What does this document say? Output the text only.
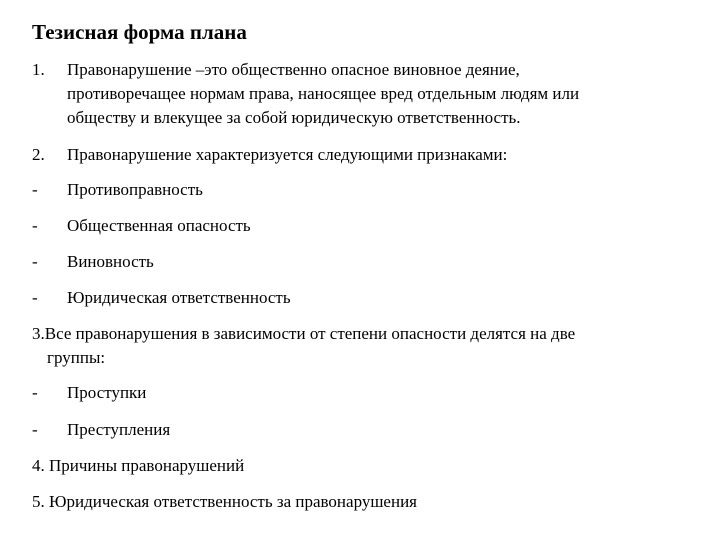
Тезисная форма плана
1. Правонарушение –это общественно опасное виновное деяние,
противоречащее нормам права, наносящее вред отдельным людям или
обществу и влекущее за собой юридическую ответственность.
2. Правонарушение характеризуется следующими признаками:
- Противоправность
- Общественная опасность
- Виновность
- Юридическая ответственность
3.Все правонарушения в зависимости от степени опасности делятся на две
группы:
- Проступки
- Преступления
4. Причины правонарушений
5. Юридическая ответственность за правонарушения
